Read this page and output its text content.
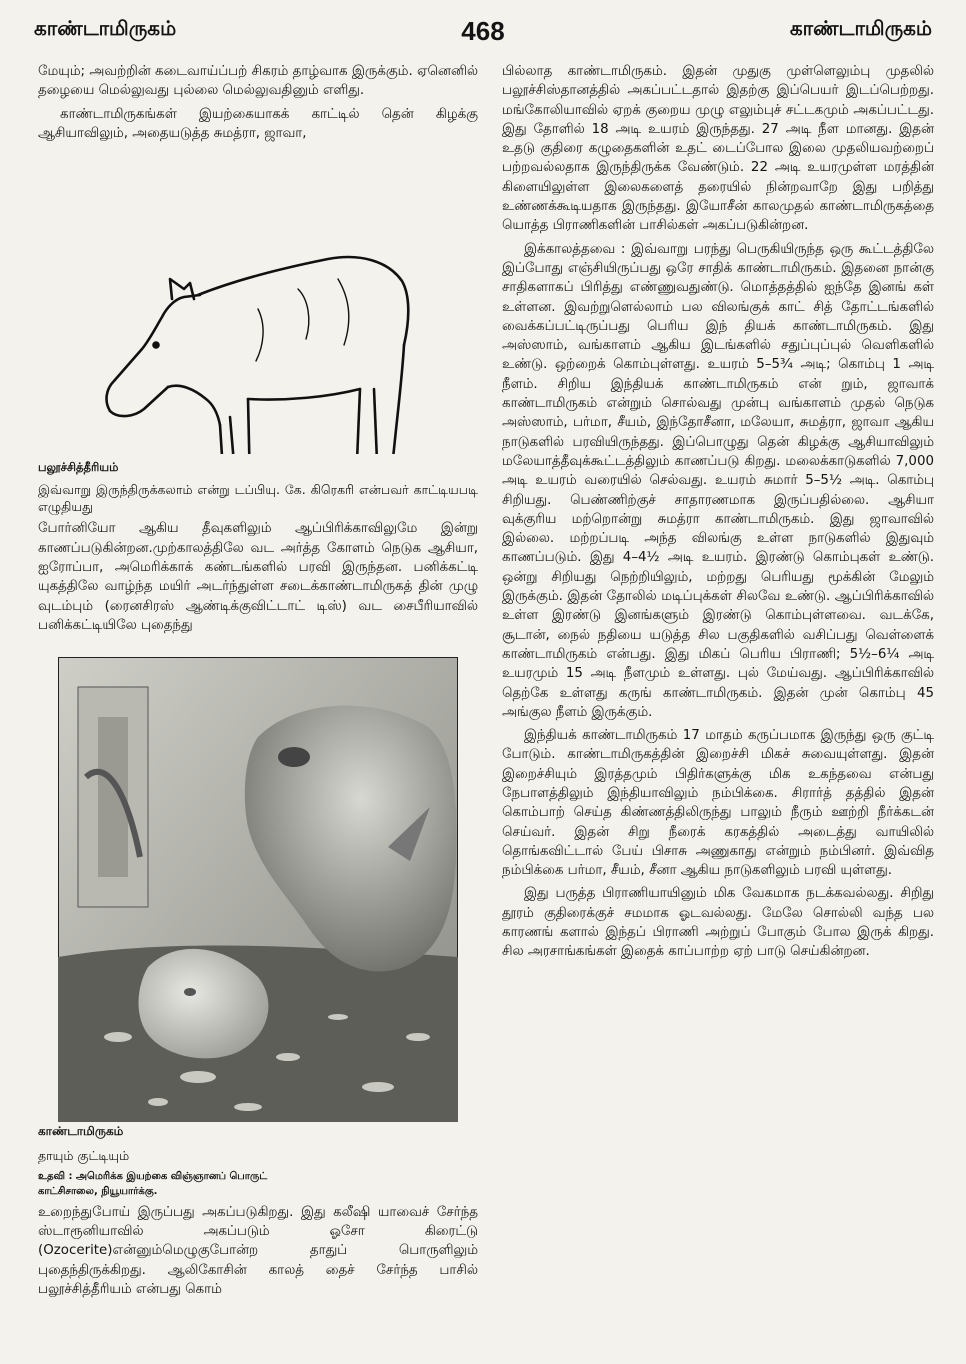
காண்டாமிருகம்	468	காண்டாமிருகம்

மேயும்; அவற்றின் கடைவாய்ப்பற் சிகரம் தாழ்வாக இருக்கும். ஏனெனில் தழையை மெல்லுவது புல்லை மெல்லுவதினும் எளிது.

காண்டாமிருகங்கள் இயற்கையாகக் காட்டில் தென் கிழக்கு ஆசியாவிலும், அதையடுத்த சுமத்ரா, ஜாவா,

பலூச்சித்தீரியம்

இவ்வாறு இருந்திருக்கலாம் என்று டப்பியு. கே. கிரெகரி என்பவர் காட்டியபடி எழுதியது

போர்னியோ ஆகிய தீவுகளிலும் ஆப்பிரிக்காவிலுமே இன்று காணப்படுகின்றன.முற்காலத்திலே வட அர்த்த கோளம் நெடுக ஆசியா, ஐரோப்பா, அமெரிக்காக் கண்டங்களில் பரவி இருந்தன. பனிக்கட்டி யுகத்திலே வாழ்ந்த மயிர் அடர்ந்துள்ள சடைக்காண்டாமிருகத் தின் முழு வுடம்பும் (ரைனசிரஸ் ஆண்டிக்குவிட்டாட் டிஸ்) வட சைபீரியாவில் பனிக்கட்டியிலே புதைந்து

காண்டாமிருகம்

தாயும் குட்டியும்

உதவி : அமெரிக்க இயற்கை விஞ்ஞானப் பொருட்
காட்சிசாலை, நியூயார்க்கு.

உறைந்துபோய் இருப்பது அகப்படுகிறது. இது கலீஷி யாவைச் சேர்ந்த ஸ்டாரூனியாவில் அகப்படும் ஓசோ கிரைட்டு (Ozocerite)என்னும்மெழுகுபோன்ற தாதுப் பொருளிலும் புதைந்திருக்கிறது. ஆலிகோசின் காலத் தைச் சேர்ந்த பாசில் பலூச்சித்தீரியம் என்பது கொம்

பில்லாத காண்டாமிருகம். இதன் முதுகு முள்ளெலும்பு முதலில் பலூச்சிஸ்தானத்தில் அகப்பட்டதால் இதற்கு இப்பெயர் இடப்பெற்றது. மங்கோலியாவில் ஏறக் குறைய முழு எலும்புச் சட்டகமும் அகப்பட்டது. இது தோளில் 18 அடி உயரம் இருந்தது. 27 அடி நீள மானது. இதன் உதடு குதிரை கழுதைகளின் உதட் டைப்போல இலை முதலியவற்றைப் பற்றவல்லதாக இருந்திருக்க வேண்டும். 22 அடி உயரமுள்ள மரத்தின் கிளையிலுள்ள இலைகளைத் தரையில் நின்றவாறே இது பறித்து உண்ணக்கூடியதாக இருந்தது. இயோசீன் காலமுதல் காண்டாமிருகத்தை யொத்த பிராணிகளின் பாசில்கள் அகப்படுகின்றன.

இக்காலத்தவை : இவ்வாறு பரந்து பெருகியிருந்த ஒரு கூட்டத்திலே இப்போது எஞ்சியிருப்பது ஒரே சாதிக் காண்டாமிருகம். இதனை நான்கு சாதிகளாகப் பிரித்து எண்ணுவதுண்டு. மொத்தத்தில் ஐந்தே இனங் கள் உள்ளன. இவற்றுளெல்லாம் பல விலங்குக் காட் சித் தோட்டங்களில் வைக்கப்பட்டிருப்பது பெரிய இந் தியக் காண்டாமிருகம். இது அஸ்ஸாம், வங்காளம் ஆகிய இடங்களில் சதுப்புப்புல் வெளிகளில் உண்டு. ஒற்றைக் கொம்புள்ளது. உயரம் 5–5¾ அடி; கொம்பு 1 அடி நீளம். சிறிய இந்தியக் காண்டாமிருகம் என் றும், ஜாவாக் காண்டாமிருகம் என்றும் சொல்வது முன்பு வங்காளம் முதல் நெடுக அஸ்ஸாம், பர்மா, சீயம், இந்தோசீனா, மலேயா, சுமத்ரா, ஜாவா ஆகிய நாடுகளில் பரவியிருந்தது. இப்பொழுது தென் கிழக்கு ஆசியாவிலும் மலேயாத்தீவுக்கூட்டத்திலும் காணப்படு கிறது. மலைக்காடுகளில் 7,000 அடி உயரம் வரையில் செல்வது. உயரம் சுமார் 5–5½ அடி. கொம்பு சிறியது. பெண்ணிற்குச் சாதாரணமாக இருப்பதில்லை. ஆசியா வுக்குரிய மற்றொன்று சுமத்ரா காண்டாமிருகம். இது ஜாவாவில் இல்லை. மற்றப்படி அந்த விலங்கு உள்ள நாடுகளில் இதுவும் காணப்படும். இது 4–4½ அடி உயரம். இரண்டு கொம்புகள் உண்டு. ஒன்று சிறியது நெற்றியிலும், மற்றது பெரியது மூக்கின் மேலும் இருக்கும். இதன் தோலில் மடிப்புக்கள் சிலவே உண்டு. ஆப்பிரிக்காவில் உள்ள இரண்டு இனங்களும் இரண்டு கொம்புள்ளவை. வடக்கே, சூடான், நைல் நதியை யடுத்த சில பகுதிகளில் வசிப்பது வெள்ளைக் காண்டாமிருகம் என்பது. இது மிகப் பெரிய பிராணி; 5½–6¼ அடி உயரமும் 15 அடி நீளமும் உள்ளது. புல் மேய்வது. ஆப்பிரிக்காவில் தெற்கே உள்ளது கருங் காண்டாமிருகம். இதன் முன் கொம்பு 45 அங்குல நீளம் இருக்கும்.

இந்தியக் காண்டாமிருகம் 17 மாதம் கருப்பமாக இருந்து ஒரு குட்டி போடும். காண்டாமிருகத்தின் இறைச்சி மிகச் சுவையுள்ளது. இதன் இறைச்சியும் இரத்தமும் பிதிர்களுக்கு மிக உகந்தவை என்பது நேபாளத்திலும் இந்தியாவிலும் நம்பிக்கை. சிரார்த் தத்தில் இதன் கொம்பாற் செய்த கிண்ணத்திலிருந்து பாலும் நீரும் ஊற்றி நீர்க்கடன் செய்வர். இதன் சிறு நீரைக் கரகத்தில் அடைத்து வாயிலில் தொங்கவிட்டால் பேய் பிசாசு அணுகாது என்றும் நம்பினர். இவ்வித நம்பிக்கை பர்மா, சீயம், சீனா ஆகிய நாடுகளிலும் பரவி யுள்ளது.

இது பருத்த பிராணியாயினும் மிக வேகமாக நடக்கவல்லது. சிறிது தூரம் குதிரைக்குச் சமமாக ஓடவல்லது. மேலே சொல்லி வந்த பல காரணங் களால் இந்தப் பிராணி அற்றுப் போகும் போல இருக் கிறது. சில அரசாங்கங்கள் இதைக் காப்பாற்ற ஏற் பாடு செய்கின்றன.
